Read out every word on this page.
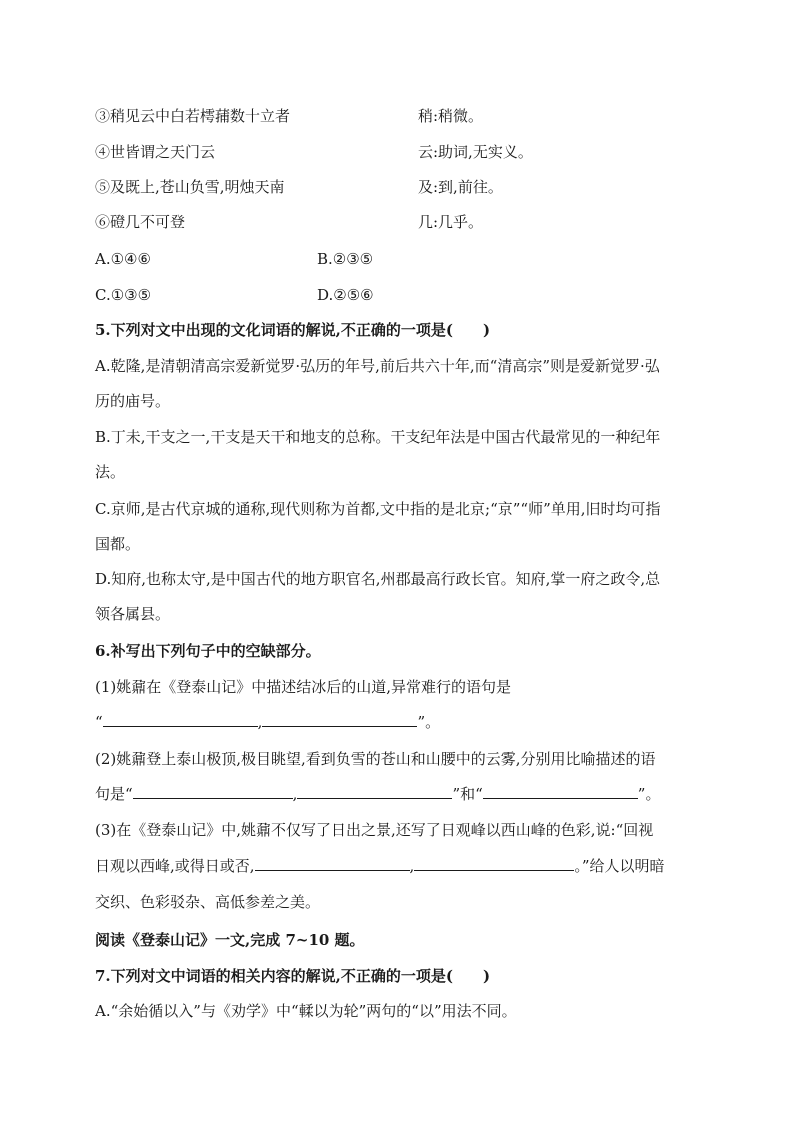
③稍见云中白若樗蒱数十立者	稍:稍微。
④世皆谓之天门云	云:助词,无实义。
⑤及既上,苍山负雪,明烛天南	及:到,前往。
⑥磴几不可登	几:几乎。
A.①④⑥	B.②③⑤
C.①③⑤	D.②⑤⑥
5.下列对文中出现的文化词语的解说,不正确的一项是(　　)
A.乾隆,是清朝清高宗爱新觉罗·弘历的年号,前后共六十年,而“清高宗”则是爱新觉罗·弘
历的庙号。
B.丁未,干支之一,干支是天干和地支的总称。干支纪年法是中国古代最常见的一种纪年
法。
C.京师,是古代京城的通称,现代则称为首都,文中指的是北京;“京”“师”单用,旧时均可指
国都。
D.知府,也称太守,是中国古代的地方职官名,州郡最高行政长官。知府,掌一府之政令,总
领各属县。
6.补写出下列句子中的空缺部分。
(1)姚鼐在《登泰山记》中描述结冰后的山道,异常难行的语句是
“	,	”。
(2)姚鼐登上泰山极顶,极目眺望,看到负雪的苍山和山腰中的云雾,分别用比喻描述的语
句是“	,	”和“	”。
(3)在《登泰山记》中,姚鼐不仅写了日出之景,还写了日观峰以西山峰的色彩,说:“回视
日观以西峰,或得日或否,	,	。”给人以明暗
交织、色彩驳杂、高低参差之美。
阅读《登泰山记》一文,完成 7~10 题。
7.下列对文中词语的相关内容的解说,不正确的一项是(　　)
A.“余始循以入”与《劝学》中“輮以为轮”两句的“以”用法不同。
